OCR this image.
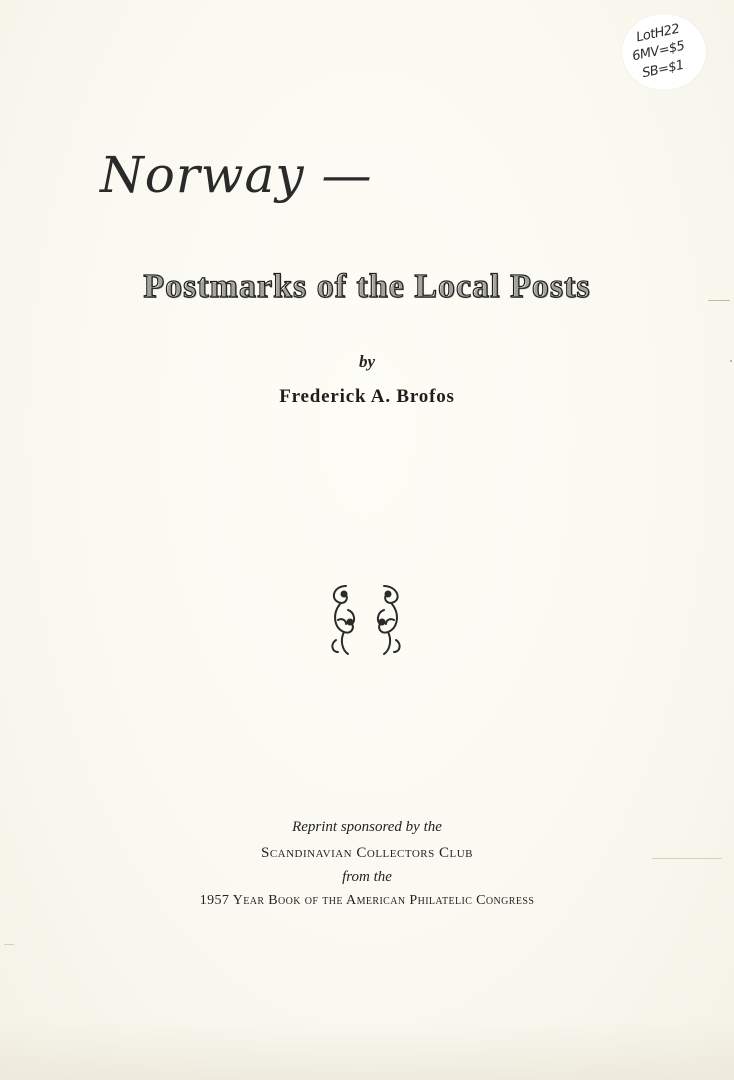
LotH22
6MV=$5
SB=$1
Norway —
Postmarks of the Local Posts
by
Frederick A. Brofos
Reprint sponsored by the
Scandinavian Collectors Club
from the
1957 Year Book of the American Philatelic Congress
